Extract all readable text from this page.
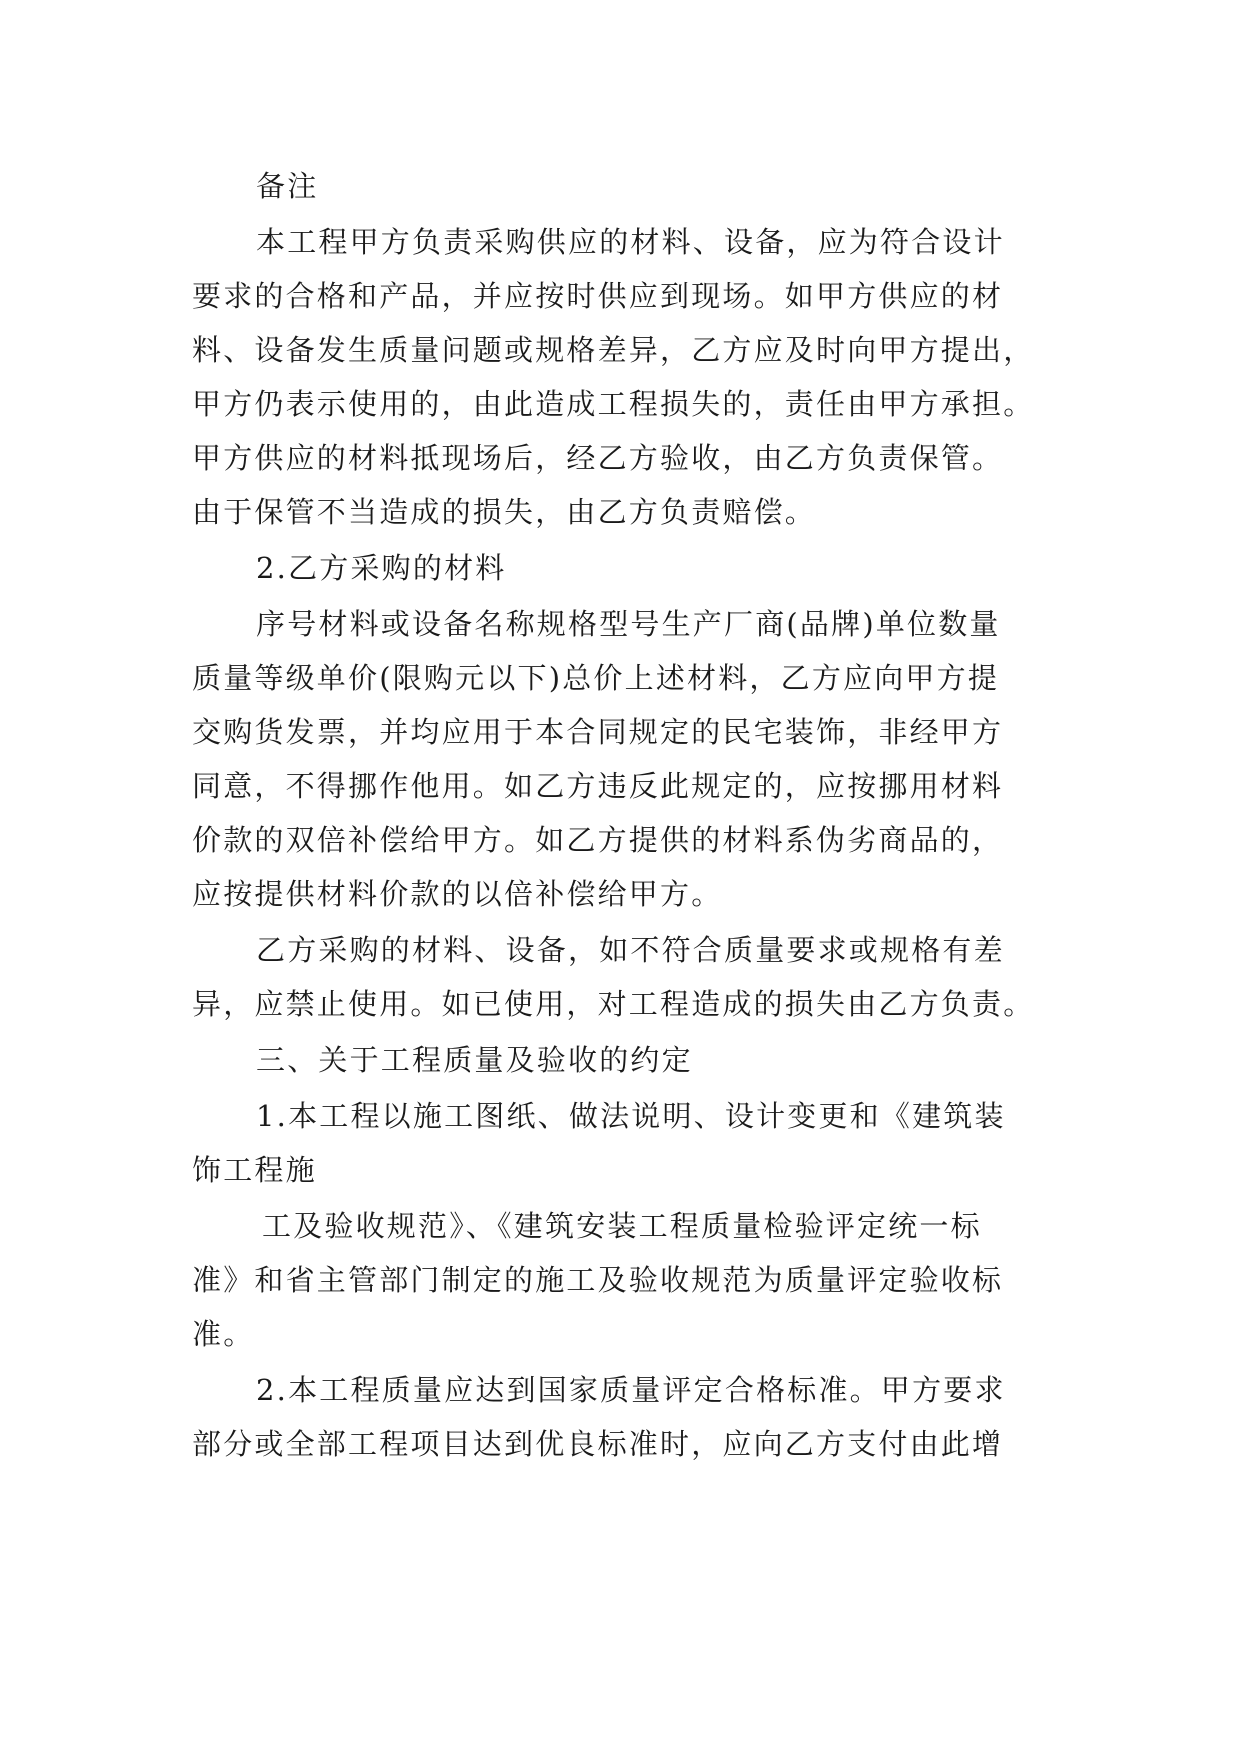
备注
本工程甲方负责采购供应的材料、设备，应为符合设计
要求的合格和产品，并应按时供应到现场。如甲方供应的材
料、设备发生质量问题或规格差异，乙方应及时向甲方提出，
甲方仍表示使用的，由此造成工程损失的，责任由甲方承担。
甲方供应的材料抵现场后，经乙方验收，由乙方负责保管。
由于保管不当造成的损失，由乙方负责赔偿。
2.乙方采购的材料
序号材料或设备名称规格型号生产厂商(品牌)单位数量
质量等级单价(限购元以下)总价上述材料，乙方应向甲方提
交购货发票，并均应用于本合同规定的民宅装饰，非经甲方
同意，不得挪作他用。如乙方违反此规定的，应按挪用材料
价款的双倍补偿给甲方。如乙方提供的材料系伪劣商品的，
应按提供材料价款的以倍补偿给甲方。
乙方采购的材料、设备，如不符合质量要求或规格有差
异，应禁止使用。如已使用，对工程造成的损失由乙方负责。
三、关于工程质量及验收的约定
1.本工程以施工图纸、做法说明、设计变更和《建筑装
饰工程施
工及验收规范》、《建筑安装工程质量检验评定统一标
准》和省主管部门制定的施工及验收规范为质量评定验收标
准。
2.本工程质量应达到国家质量评定合格标准。甲方要求
部分或全部工程项目达到优良标准时，应向乙方支付由此增
